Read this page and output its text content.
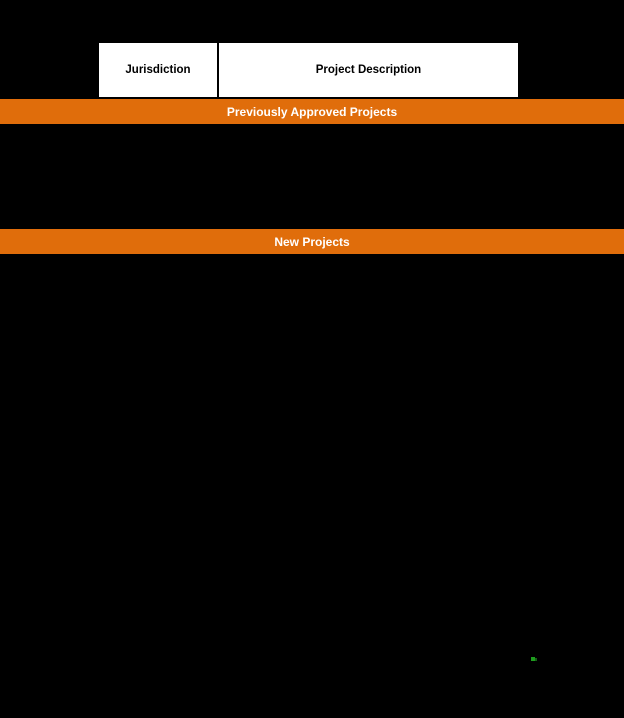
Jurisdiction	Project Description
Previously Approved Projects
New Projects
